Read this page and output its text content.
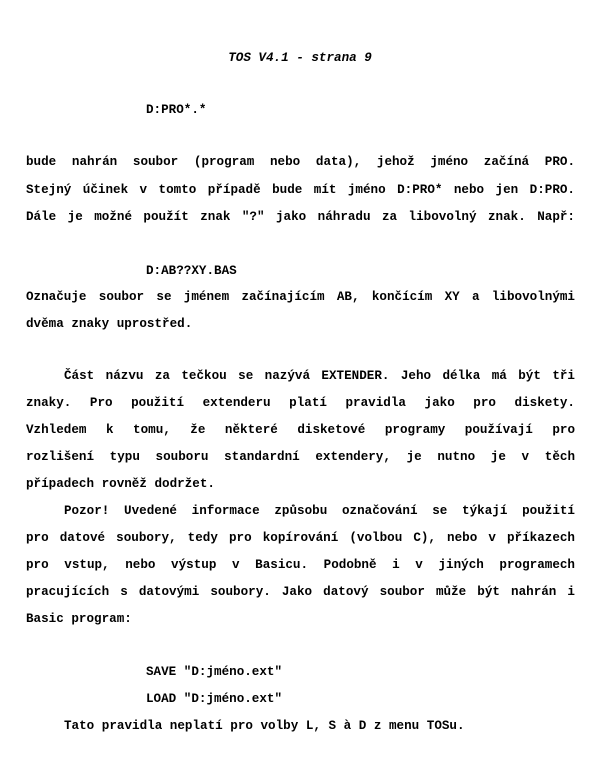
TOS V4.1 - strana 9
D:PRO*.*
bude nahrán soubor (program nebo data), jehož jméno začíná PRO.
Stejný účinek v tomto případě bude mít jméno D:PRO* nebo jen D:PRO.
Dále je možné použít znak "?" jako náhradu za libovolný znak. Např:
D:AB??XY.BAS
Označuje soubor se jménem začínajícím AB, končícím XY a libovolnými
dvěma znaky uprostřed.
Část názvu za tečkou se nazývá EXTENDER. Jeho délka má být tři
znaky. Pro použití extenderu platí pravidla jako pro diskety.
Vzhledem k tomu, že některé disketové programy používají pro
rozlišení typu souboru standardní extendery, je nutno je v těch
případech rovněž dodržet.
Pozor! Uvedené informace způsobu označování se týkají použití
pro datové soubory, tedy pro kopírování (volbou C), nebo v příkazech
pro vstup, nebo výstup v Basicu. Podobně i v jiných programech
pracujících s datovými soubory. Jako datový soubor může být nahrán i
Basic program:
SAVE "D:jméno.ext"
LOAD "D:jméno.ext"
Tato pravidla neplatí pro volby L, S à D z menu TOSu.
